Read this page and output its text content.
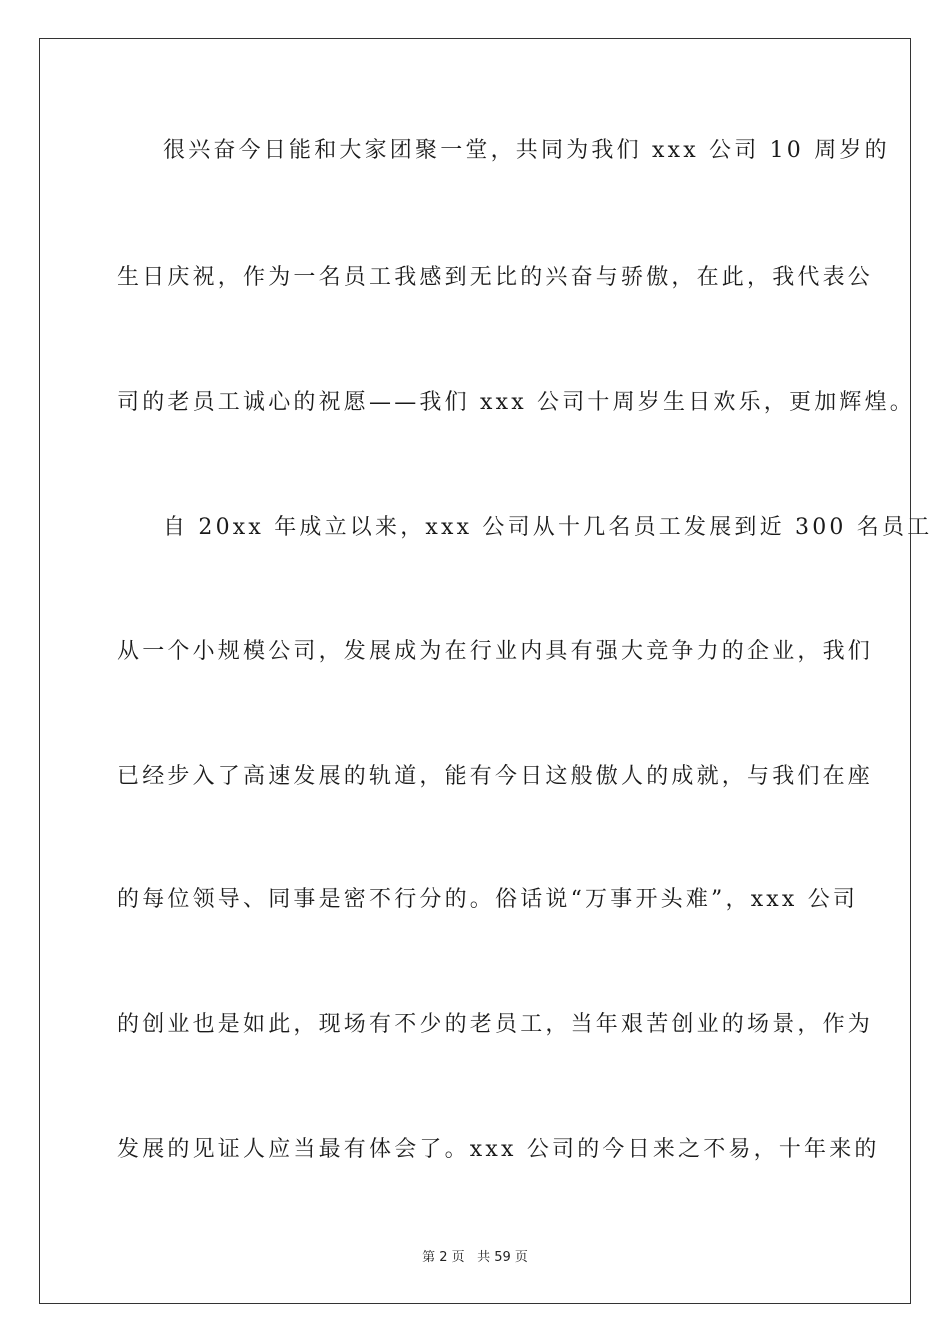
很兴奋今日能和大家团聚一堂，共同为我们 xxx 公司 10 周岁的
生日庆祝，作为一名员工我感到无比的兴奋与骄傲，在此，我代表公
司的老员工诚心的祝愿——我们 xxx 公司十周岁生日欢乐，更加辉煌。
自 20xx 年成立以来，xxx 公司从十几名员工发展到近 300 名员工
从一个小规模公司，发展成为在行业内具有强大竞争力的企业，我们
已经步入了高速发展的轨道，能有今日这般傲人的成就，与我们在座
的每位领导、同事是密不行分的。俗话说“万事开头难”，xxx 公司
的创业也是如此，现场有不少的老员工，当年艰苦创业的场景，作为
发展的见证人应当最有体会了。xxx 公司的今日来之不易，十年来的
第 2 页 共 59 页
